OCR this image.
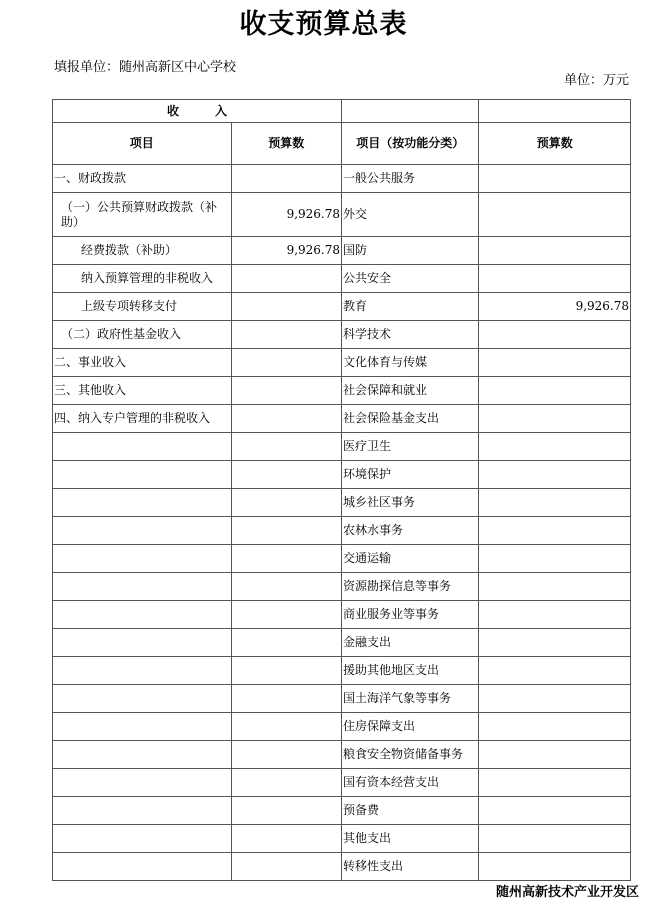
收支预算总表
填报单位：随州高新区中心学校
单位：万元
收　　　入			
项目	预算数	项目（按功能分类）	预算数
一、财政拨款		一般公共服务	
（一）公共预算财政拨款（补助）	9,926.78	外交	
经费拨款（补助）	9,926.78	国防	
纳入预算管理的非税收入		公共安全	
上级专项转移支付		教育	9,926.78
（二）政府性基金收入		科学技术	
二、事业收入		文化体育与传媒	
三、其他收入		社会保障和就业	
四、纳入专户管理的非税收入		社会保险基金支出	
		医疗卫生	
		环境保护	
		城乡社区事务	
		农林水事务	
		交通运输	
		资源勘探信息等事务	
		商业服务业等事务	
		金融支出	
		援助其他地区支出	
		国土海洋气象等事务	
		住房保障支出	
		粮食安全物资储备事务	
		国有资本经营支出	
		预备费	
		其他支出	
		转移性支出	
随州高新技术产业开发区
